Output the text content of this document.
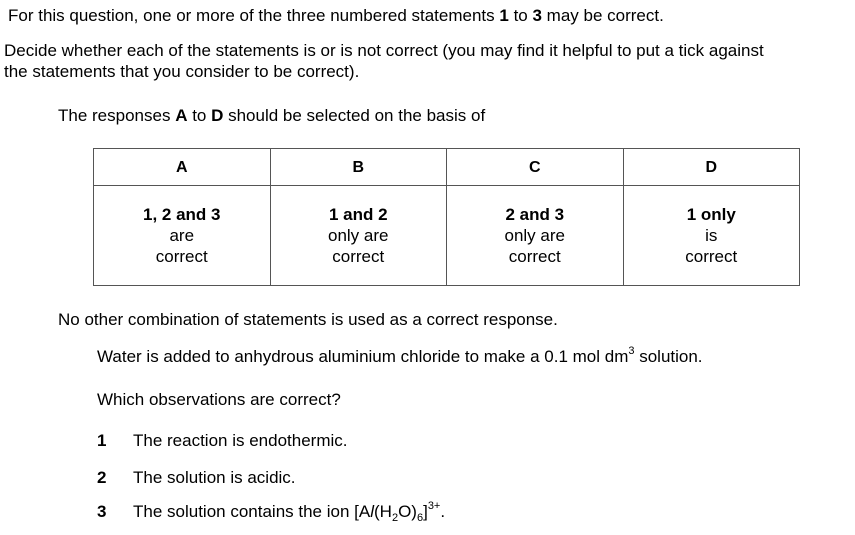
For this question, one or more of the three numbered statements 1 to 3 may be correct.
Decide whether each of the statements is or is not correct (you may find it helpful to put a tick against
the statements that you consider to be correct).
The responses A to D should be selected on the basis of
A	B	C	D
1, 2 and 3
are
correct	1 and 2
only are
correct	2 and 3
only are
correct	1 only
is
correct
No other combination of statements is used as a correct response.
Water is added to anhydrous aluminium chloride to make a 0.1 mol $dm^3$ solution.
Which observations are correct?
1 The reaction is endothermic.
2 The solution is acidic.
3 The solution contains the ion $[Al(H_2O)_6]^{3+}$.
